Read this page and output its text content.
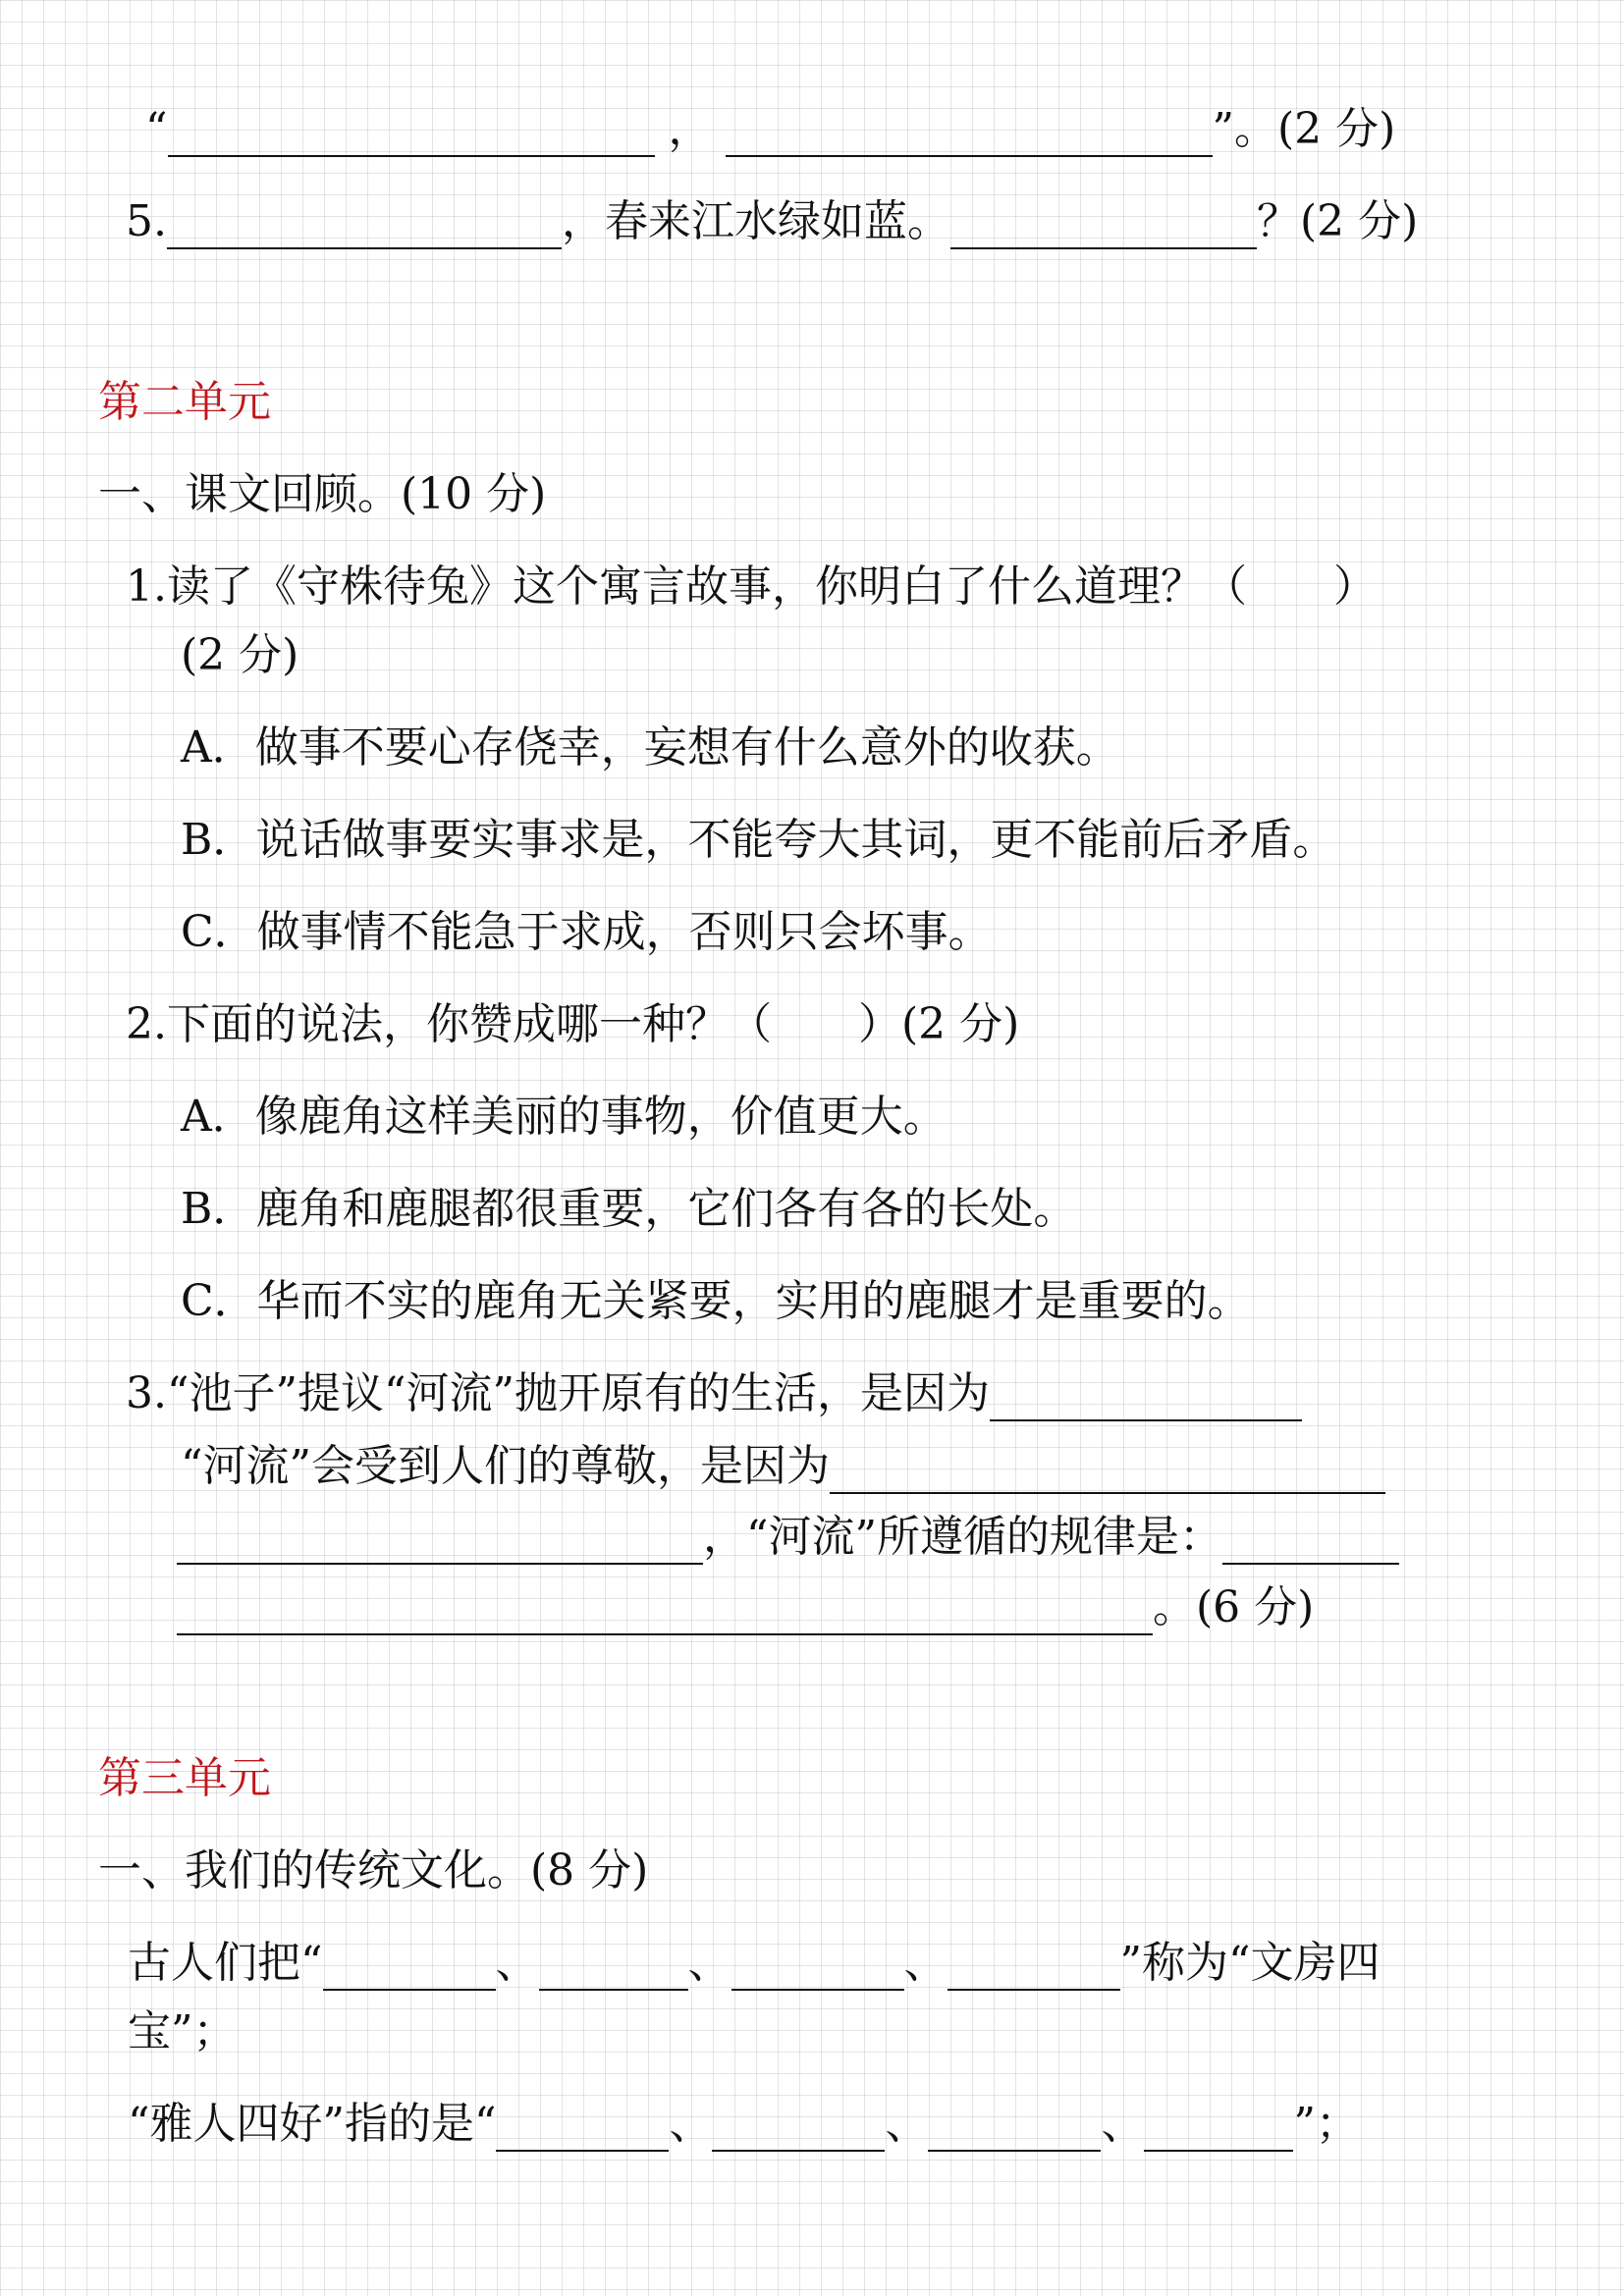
“	，	”。(2 分)
5.	，春来江水绿如蓝。	？(2 分)
第二单元
一、课文回顾。(10 分)
1.读了《守株待兔》这个寓言故事，你明白了什么道理？（　　）
(2 分)
A．做事不要心存侥幸，妄想有什么意外的收获。
B．说话做事要实事求是，不能夸大其词，更不能前后矛盾。
C．做事情不能急于求成，否则只会坏事。
2.下面的说法，你赞成哪一种？（　　）(2 分)
A．像鹿角这样美丽的事物，价值更大。
B．鹿角和鹿腿都很重要，它们各有各的长处。
C．华而不实的鹿角无关紧要，实用的鹿腿才是重要的。
3.“池子”提议“河流”抛开原有的生活，是因为
“河流”会受到人们的尊敬，是因为
，“河流”所遵循的规律是：
。(6 分)
第三单元
一、我们的传统文化。(8 分)
古人们把“	、	、	、	”称为“文房四
宝”；
“雅人四好”指的是“	、	、	、	”；
